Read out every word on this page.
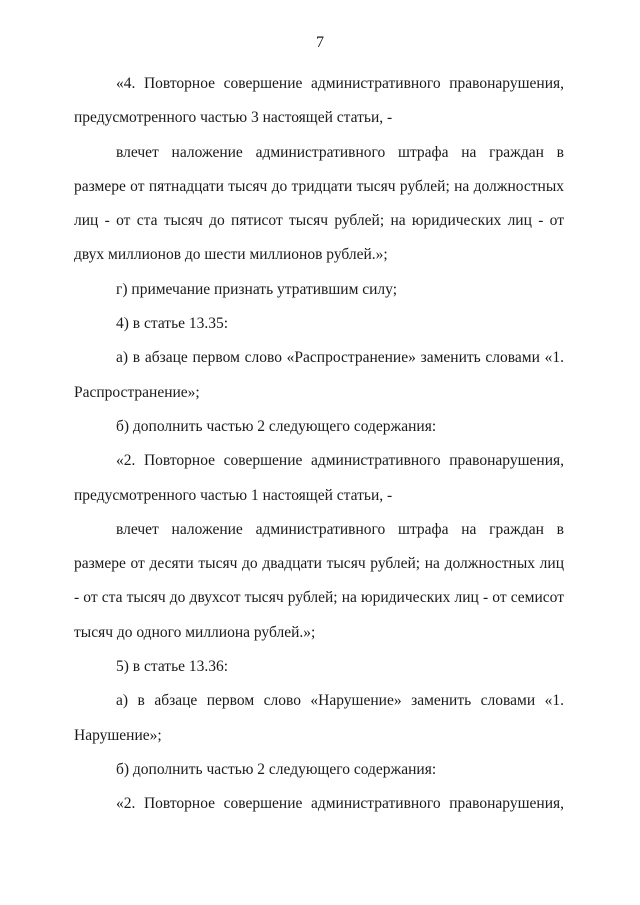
7

«4. Повторное совершение административного правонарушения, предусмотренного частью 3 настоящей статьи, -

влечет наложение административного штрафа на граждан в размере от пятнадцати тысяч до тридцати тысяч рублей; на должностных лиц - от ста тысяч до пятисот тысяч рублей; на юридических лиц - от двух миллионов до шести миллионов рублей.»;

г) примечание признать утратившим силу;

4) в статье 13.35:

а) в абзаце первом слово «Распространение» заменить словами «1. Распространение»;

б) дополнить частью 2 следующего содержания:

«2. Повторное совершение административного правонарушения, предусмотренного частью 1 настоящей статьи, -

влечет наложение административного штрафа на граждан в размере от десяти тысяч до двадцати тысяч рублей; на должностных лиц - от ста тысяч до двухсот тысяч рублей; на юридических лиц - от семисот тысяч до одного миллиона рублей.»;

5) в статье 13.36:

а) в абзаце первом слово «Нарушение» заменить словами «1. Нарушение»;

б) дополнить частью 2 следующего содержания:

«2. Повторное совершение административного правонарушения,
